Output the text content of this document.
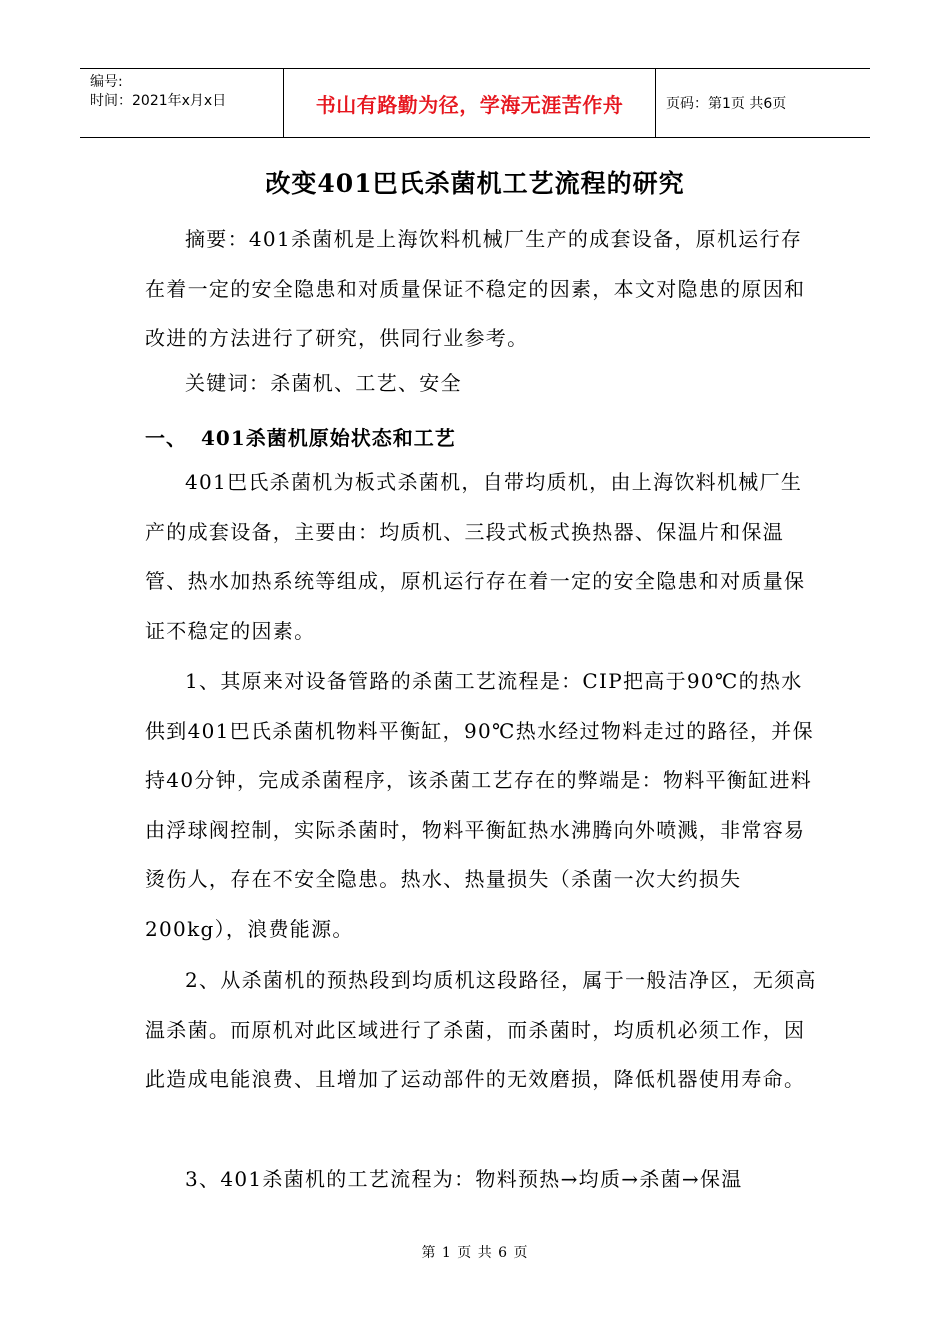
编号:
时间：2021年x月x日	书山有路勤为径，学海无涯苦作舟	页码：第1页 共6页
改变401巴氏杀菌机工艺流程的研究

摘要：401杀菌机是上海饮料机械厂生产的成套设备，原机运行存在着一定的安全隐患和对质量保证不稳定的因素，本文对隐患的原因和改进的方法进行了研究，供同行业参考。

关键词：杀菌机、工艺、安全

一、 401杀菌机原始状态和工艺

401巴氏杀菌机为板式杀菌机，自带均质机，由上海饮料机械厂生产的成套设备，主要由：均质机、三段式板式换热器、保温片和保温管、热水加热系统等组成，原机运行存在着一定的安全隐患和对质量保证不稳定的因素。

1、其原来对设备管路的杀菌工艺流程是：CIP把高于90℃的热水供到401巴氏杀菌机物料平衡缸，90℃热水经过物料走过的路径，并保持40分钟，完成杀菌程序，该杀菌工艺存在的弊端是：物料平衡缸进料由浮球阀控制，实际杀菌时，物料平衡缸热水沸腾向外喷溅，非常容易烫伤人，存在不安全隐患。热水、热量损失（杀菌一次大约损失200kg），浪费能源。

2、从杀菌机的预热段到均质机这段路径，属于一般洁净区，无须高温杀菌。而原机对此区域进行了杀菌，而杀菌时，均质机必须工作，因此造成电能浪费、且增加了运动部件的无效磨损，降低机器使用寿命。

3、401杀菌机的工艺流程为：物料预热→均质→杀菌→保温

第 1 页 共 6 页
